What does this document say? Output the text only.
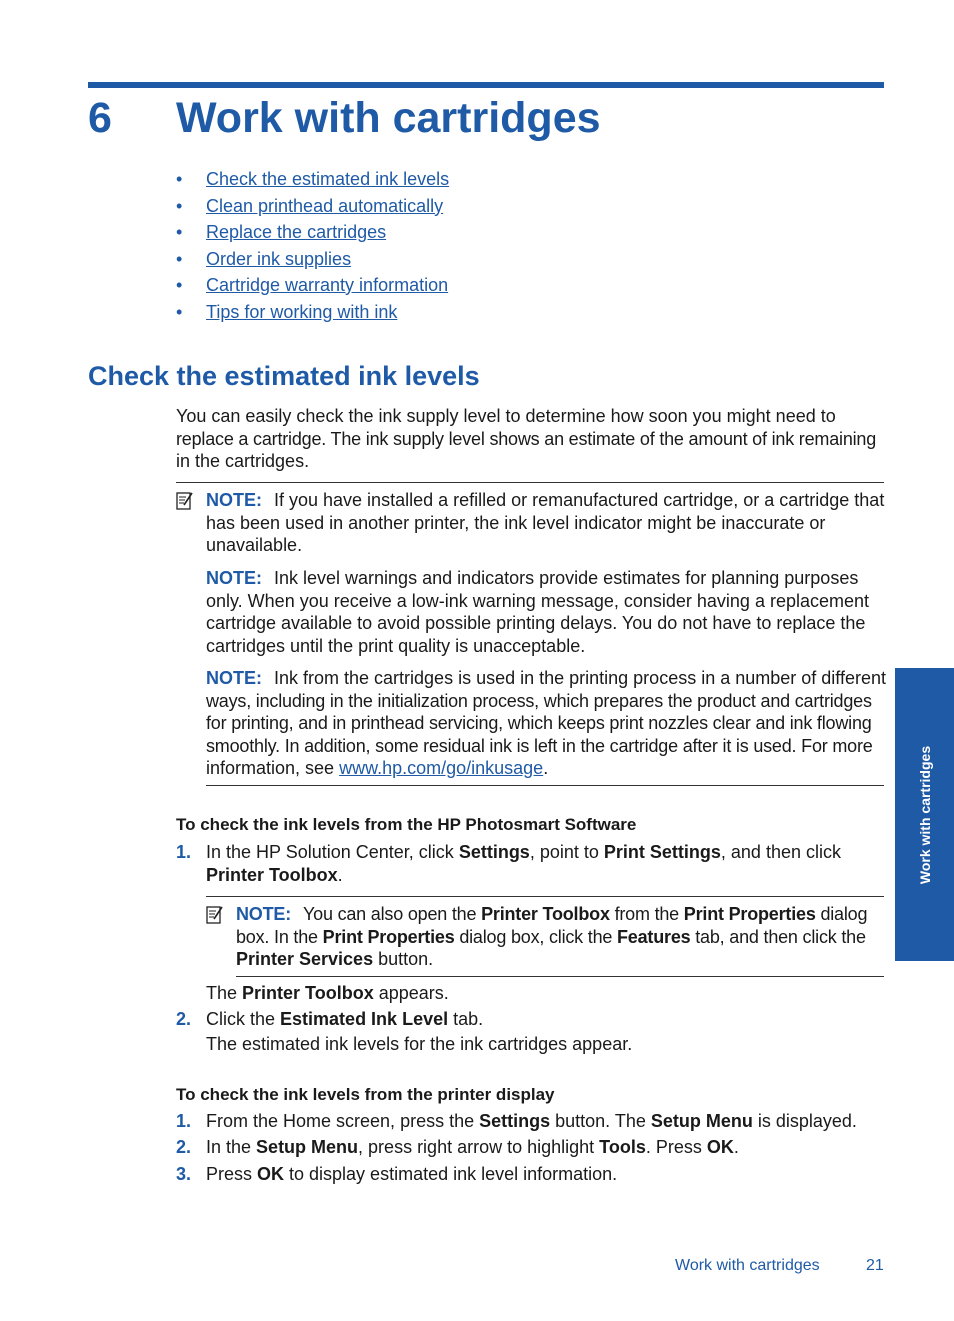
6 Work with cartridges
• Check the estimated ink levels
• Clean printhead automatically
• Replace the cartridges
• Order ink supplies
• Cartridge warranty information
• Tips for working with ink
Check the estimated ink levels
You can easily check the ink supply level to determine how soon you might need to
replace a cartridge. The ink supply level shows an estimate of the amount of ink remaining
in the cartridges.
NOTE: If you have installed a refilled or remanufactured cartridge, or a cartridge that
has been used in another printer, the ink level indicator might be inaccurate or
unavailable.
NOTE: Ink level warnings and indicators provide estimates for planning purposes
only. When you receive a low-ink warning message, consider having a replacement
cartridge available to avoid possible printing delays. You do not have to replace the
cartridges until the print quality is unacceptable.
NOTE: Ink from the cartridges is used in the printing process in a number of different
ways, including in the initialization process, which prepares the product and cartridges
for printing, and in printhead servicing, which keeps print nozzles clear and ink flowing
smoothly. In addition, some residual ink is left in the cartridge after it is used. For more
information, see www.hp.com/go/inkusage.
To check the ink levels from the HP Photosmart Software
1. In the HP Solution Center, click Settings, point to Print Settings, and then click
Printer Toolbox.
NOTE: You can also open the Printer Toolbox from the Print Properties dialog
box. In the Print Properties dialog box, click the Features tab, and then click the
Printer Services button.
The Printer Toolbox appears.
2. Click the Estimated Ink Level tab.
The estimated ink levels for the ink cartridges appear.
To check the ink levels from the printer display
1. From the Home screen, press the Settings button. The Setup Menu is displayed.
2. In the Setup Menu, press right arrow to highlight Tools. Press OK.
3. Press OK to display estimated ink level information.
Work with cartridges
Work with cartridges	21
